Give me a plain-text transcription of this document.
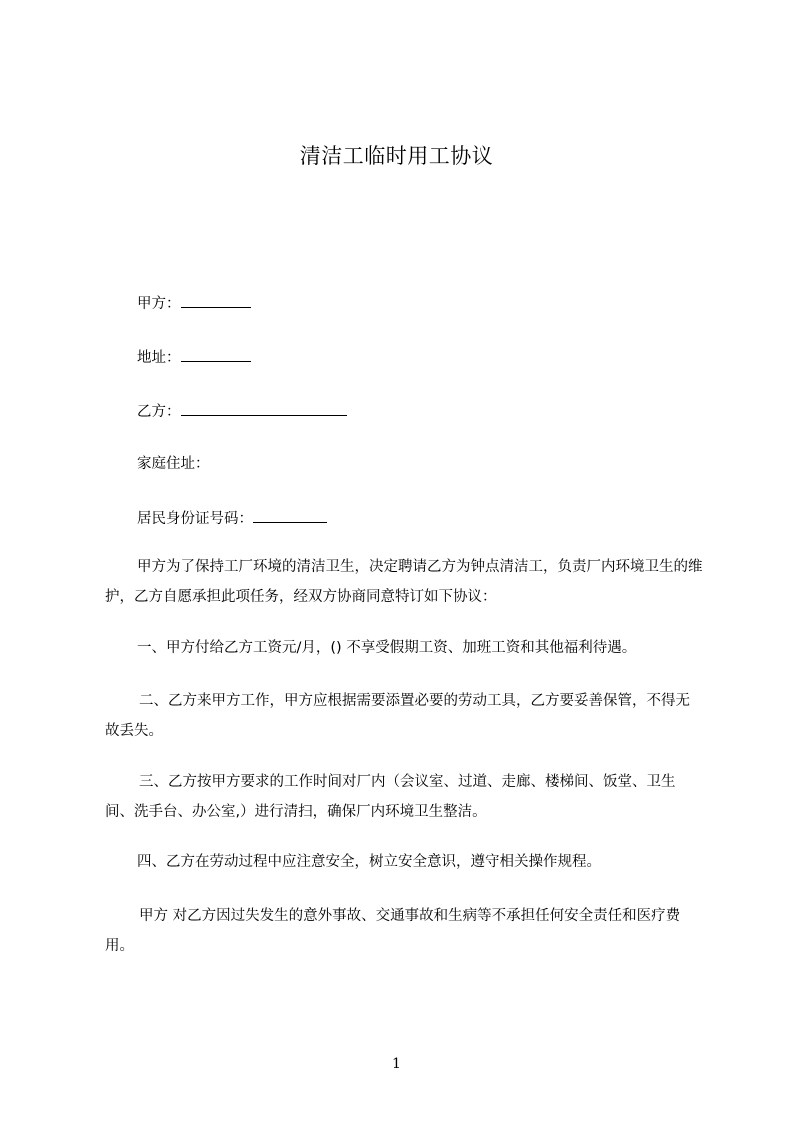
清洁工临时用工协议
甲方：
地址：
乙方：
家庭住址：
居民身份证号码：

甲方为了保持工厂环境的清洁卫生，决定聘请乙方为钟点清洁工，负责厂内环境卫生的维护，乙方自愿承担此项任务，经双方协商同意特订如下协议：

一、甲方付给乙方工资元/月，() 不享受假期工资、加班工资和其他福利待遇。

二、乙方来甲方工作，甲方应根据需要添置必要的劳动工具，乙方要妥善保管，不得无故丢失。

三、乙方按甲方要求的工作时间对厂内（会议室、过道、走廊、楼梯间、饭堂、卫生间、洗手台、办公室,）进行清扫，确保厂内环境卫生整洁。

四、乙方在劳动过程中应注意安全，树立安全意识，遵守相关操作规程。

甲方 对乙方因过失发生的意外事故、交通事故和生病等不承担任何安全责任和医疗费用。

1
